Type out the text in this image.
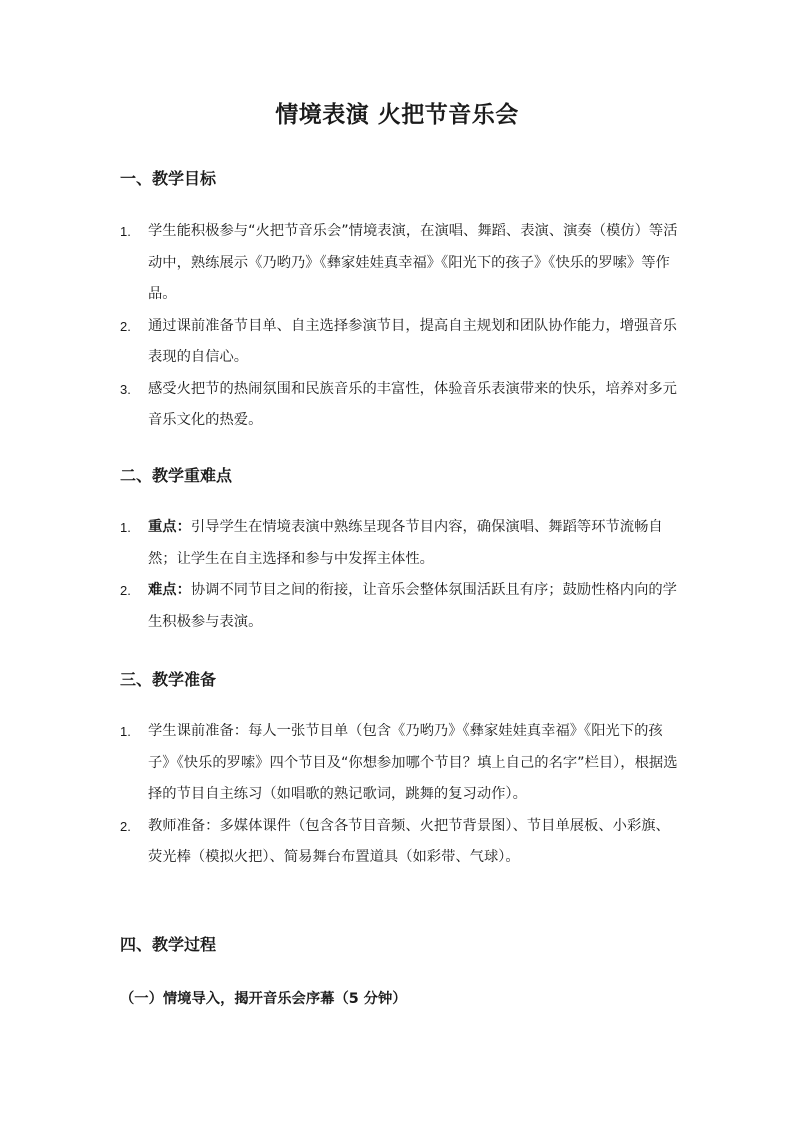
情境表演 火把节音乐会
一、教学目标
1. 学生能积极参与“火把节音乐会”情境表演，在演唱、舞蹈、表演、演奏（模仿）等活动中，熟练展示《乃哟乃》《彝家娃娃真幸福》《阳光下的孩子》《快乐的罗嗦》等作品。
2. 通过课前准备节目单、自主选择参演节目，提高自主规划和团队协作能力，增强音乐表现的自信心。
3. 感受火把节的热闹氛围和民族音乐的丰富性，体验音乐表演带来的快乐，培养对多元音乐文化的热爱。
二、教学重难点
1. 重点：引导学生在情境表演中熟练呈现各节目内容，确保演唱、舞蹈等环节流畅自然；让学生在自主选择和参与中发挥主体性。
2. 难点：协调不同节目之间的衔接，让音乐会整体氛围活跃且有序；鼓励性格内向的学生积极参与表演。
三、教学准备
1. 学生课前准备：每人一张节目单（包含《乃哟乃》《彝家娃娃真幸福》《阳光下的孩子》《快乐的罗嗦》四个节目及“你想参加哪个节目？填上自己的名字”栏目），根据选择的节目自主练习（如唱歌的熟记歌词，跳舞的复习动作）。
2. 教师准备：多媒体课件（包含各节目音频、火把节背景图）、节目单展板、小彩旗、荧光棒（模拟火把）、简易舞台布置道具（如彩带、气球）。
四、教学过程
（一）情境导入，揭开音乐会序幕（5 分钟）
